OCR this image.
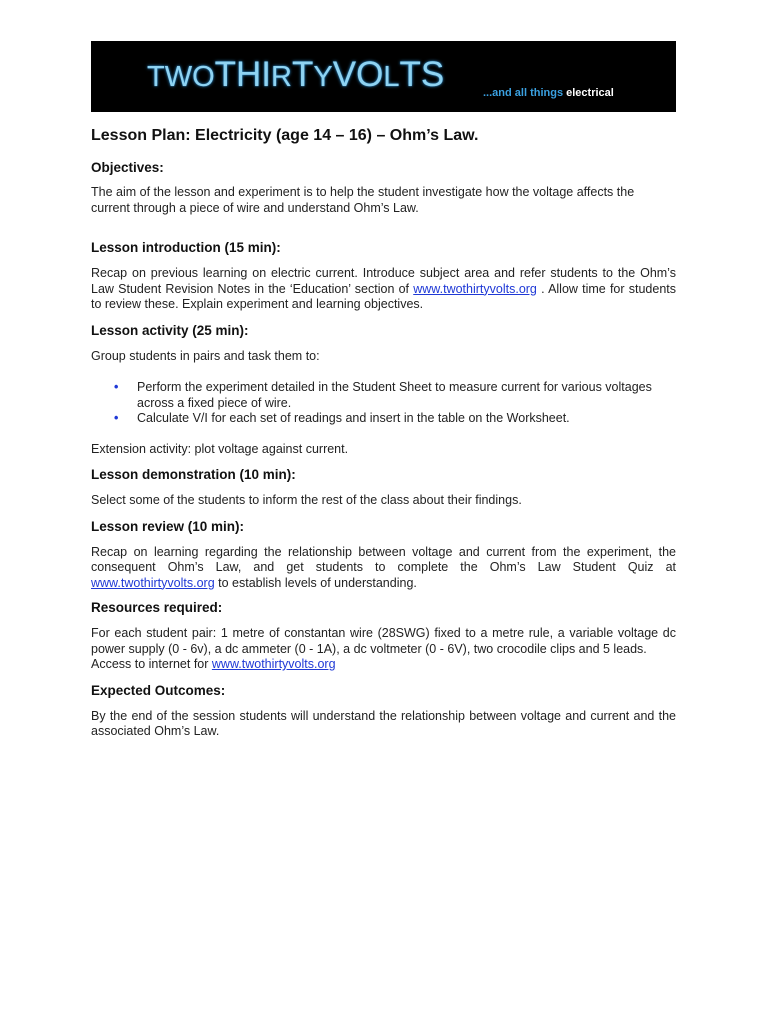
TWOTHIRTYVOLTS	...and all things electrical
Lesson Plan: Electricity (age 14 – 16) – Ohm’s Law.
Objectives:

The aim of the lesson and experiment is to help the student investigate how the voltage affects the current through a piece of wire and understand Ohm’s Law.

Lesson introduction (15 min):

Recap on previous learning on electric current. Introduce subject area and refer students to the Ohm’s Law Student Revision Notes in the ‘Education’ section of www.twothirtyvolts.org . Allow time for students to review these. Explain experiment and learning objectives.

Lesson activity (25 min):

Group students in pairs and task them to:

• Perform the experiment detailed in the Student Sheet to measure current for various voltages across a fixed piece of wire.
• Calculate V/I for each set of readings and insert in the table on the Worksheet.

Extension activity: plot voltage against current.

Lesson demonstration (10 min):

Select some of the students to inform the rest of the class about their findings.

Lesson review (10 min):

Recap on learning regarding the relationship between voltage and current from the experiment, the consequent Ohm’s Law, and get students to complete the Ohm’s Law Student Quiz at www.twothirtyvolts.org to establish levels of understanding.

Resources required:

For each student pair: 1 metre of constantan wire (28SWG) fixed to a metre rule, a variable voltage dc power supply (0 - 6v), a dc ammeter (0 - 1A), a dc voltmeter (0 - 6V), two crocodile clips and 5 leads.

Access to internet for www.twothirtyvolts.org

Expected Outcomes:

By the end of the session students will understand the relationship between voltage and current and the associated Ohm’s Law.
